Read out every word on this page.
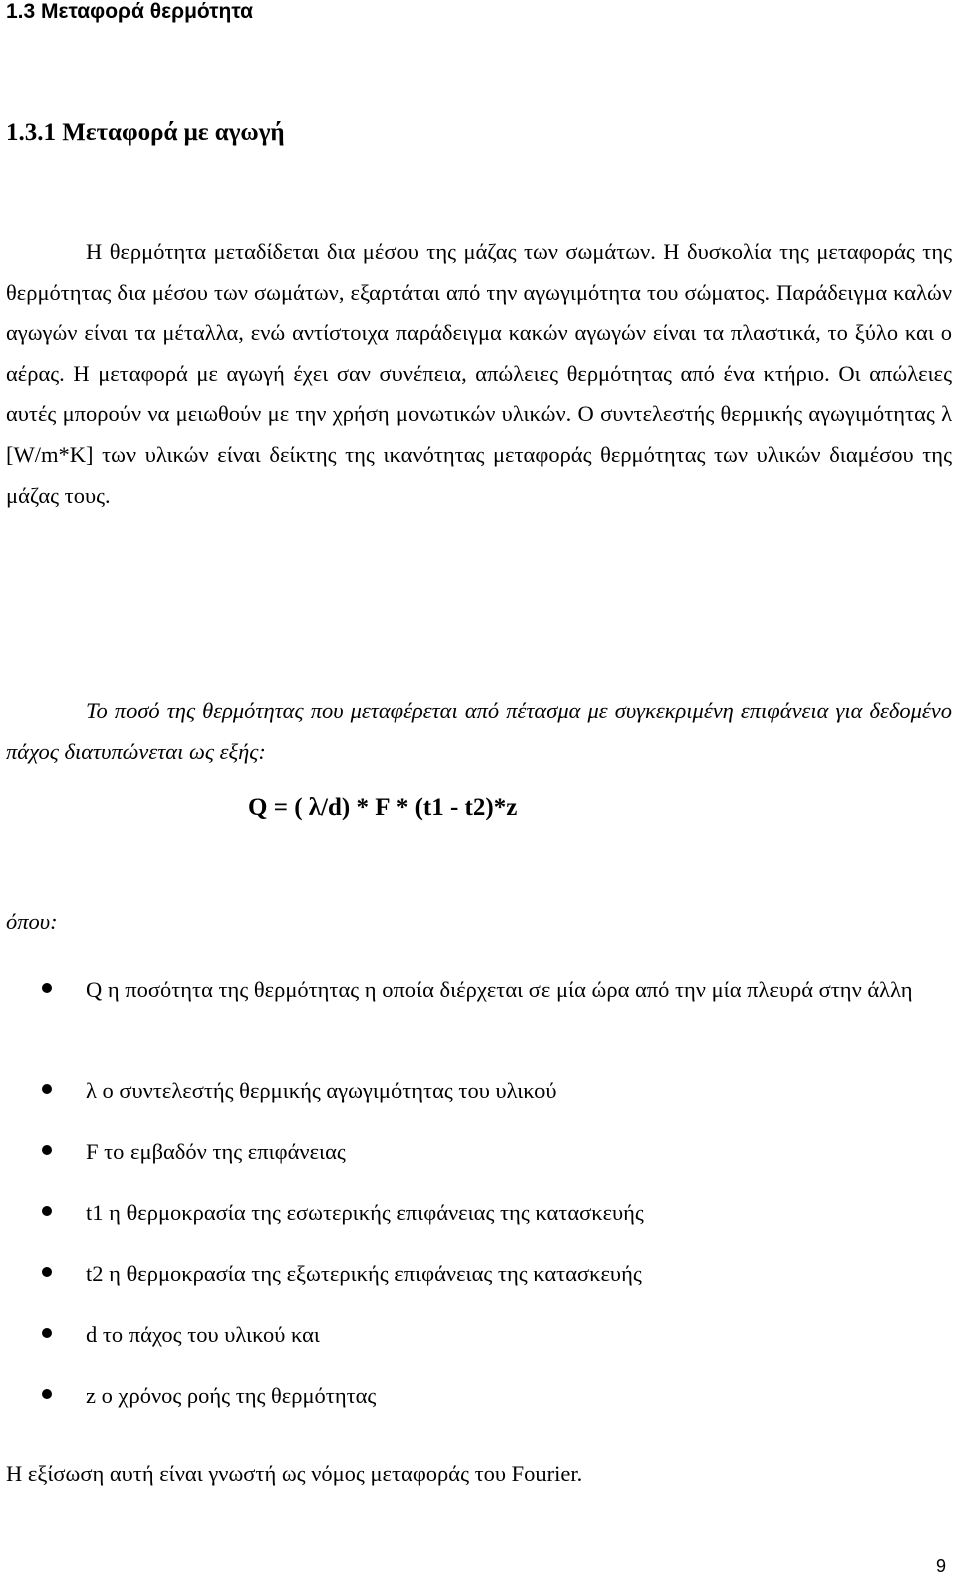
1.3 Μεταφορά θερμότητα
1.3.1 Μεταφορά με αγωγή
Η θερμότητα μεταδίδεται δια μέσου της μάζας των σωμάτων. Η δυσκολία της μεταφοράς της θερμότητας δια μέσου των σωμάτων, εξαρτάται από την αγωγιμότητα του σώματος. Παράδειγμα καλών αγωγών είναι τα μέταλλα, ενώ αντίστοιχα παράδειγμα κακών αγωγών είναι τα πλαστικά, το ξύλο και ο αέρας. Η μεταφορά με αγωγή έχει σαν συνέπεια, απώλειες θερμότητας από ένα κτήριο. Οι απώλειες αυτές μπορούν να μειωθούν με την χρήση μονωτικών υλικών. Ο συντελεστής θερμικής αγωγιμότητας λ [W/m*K] των υλικών είναι δείκτης της ικανότητας μεταφοράς θερμότητας των υλικών διαμέσου της μάζας τους.
Το ποσό της θερμότητας που μεταφέρεται από πέτασμα με συγκεκριμένη επιφάνεια για δεδομένο πάχος διατυπώνεται ως εξής:
Q = ( λ/d) * F * (t1 - t2)*z
όπου:
Q η ποσότητα της θερμότητας η οποία διέρχεται σε μία ώρα από την μία πλευρά στην άλλη
λ ο συντελεστής θερμικής αγωγιμότητας του υλικού
F το εμβαδόν της επιφάνειας
t1 η θερμοκρασία της εσωτερικής επιφάνειας της κατασκευής
t2 η θερμοκρασία της εξωτερικής επιφάνειας της κατασκευής
d το πάχος του υλικού και
z ο χρόνος ροής της θερμότητας
Η εξίσωση αυτή είναι γνωστή ως νόμος μεταφοράς του Fourier.
9
